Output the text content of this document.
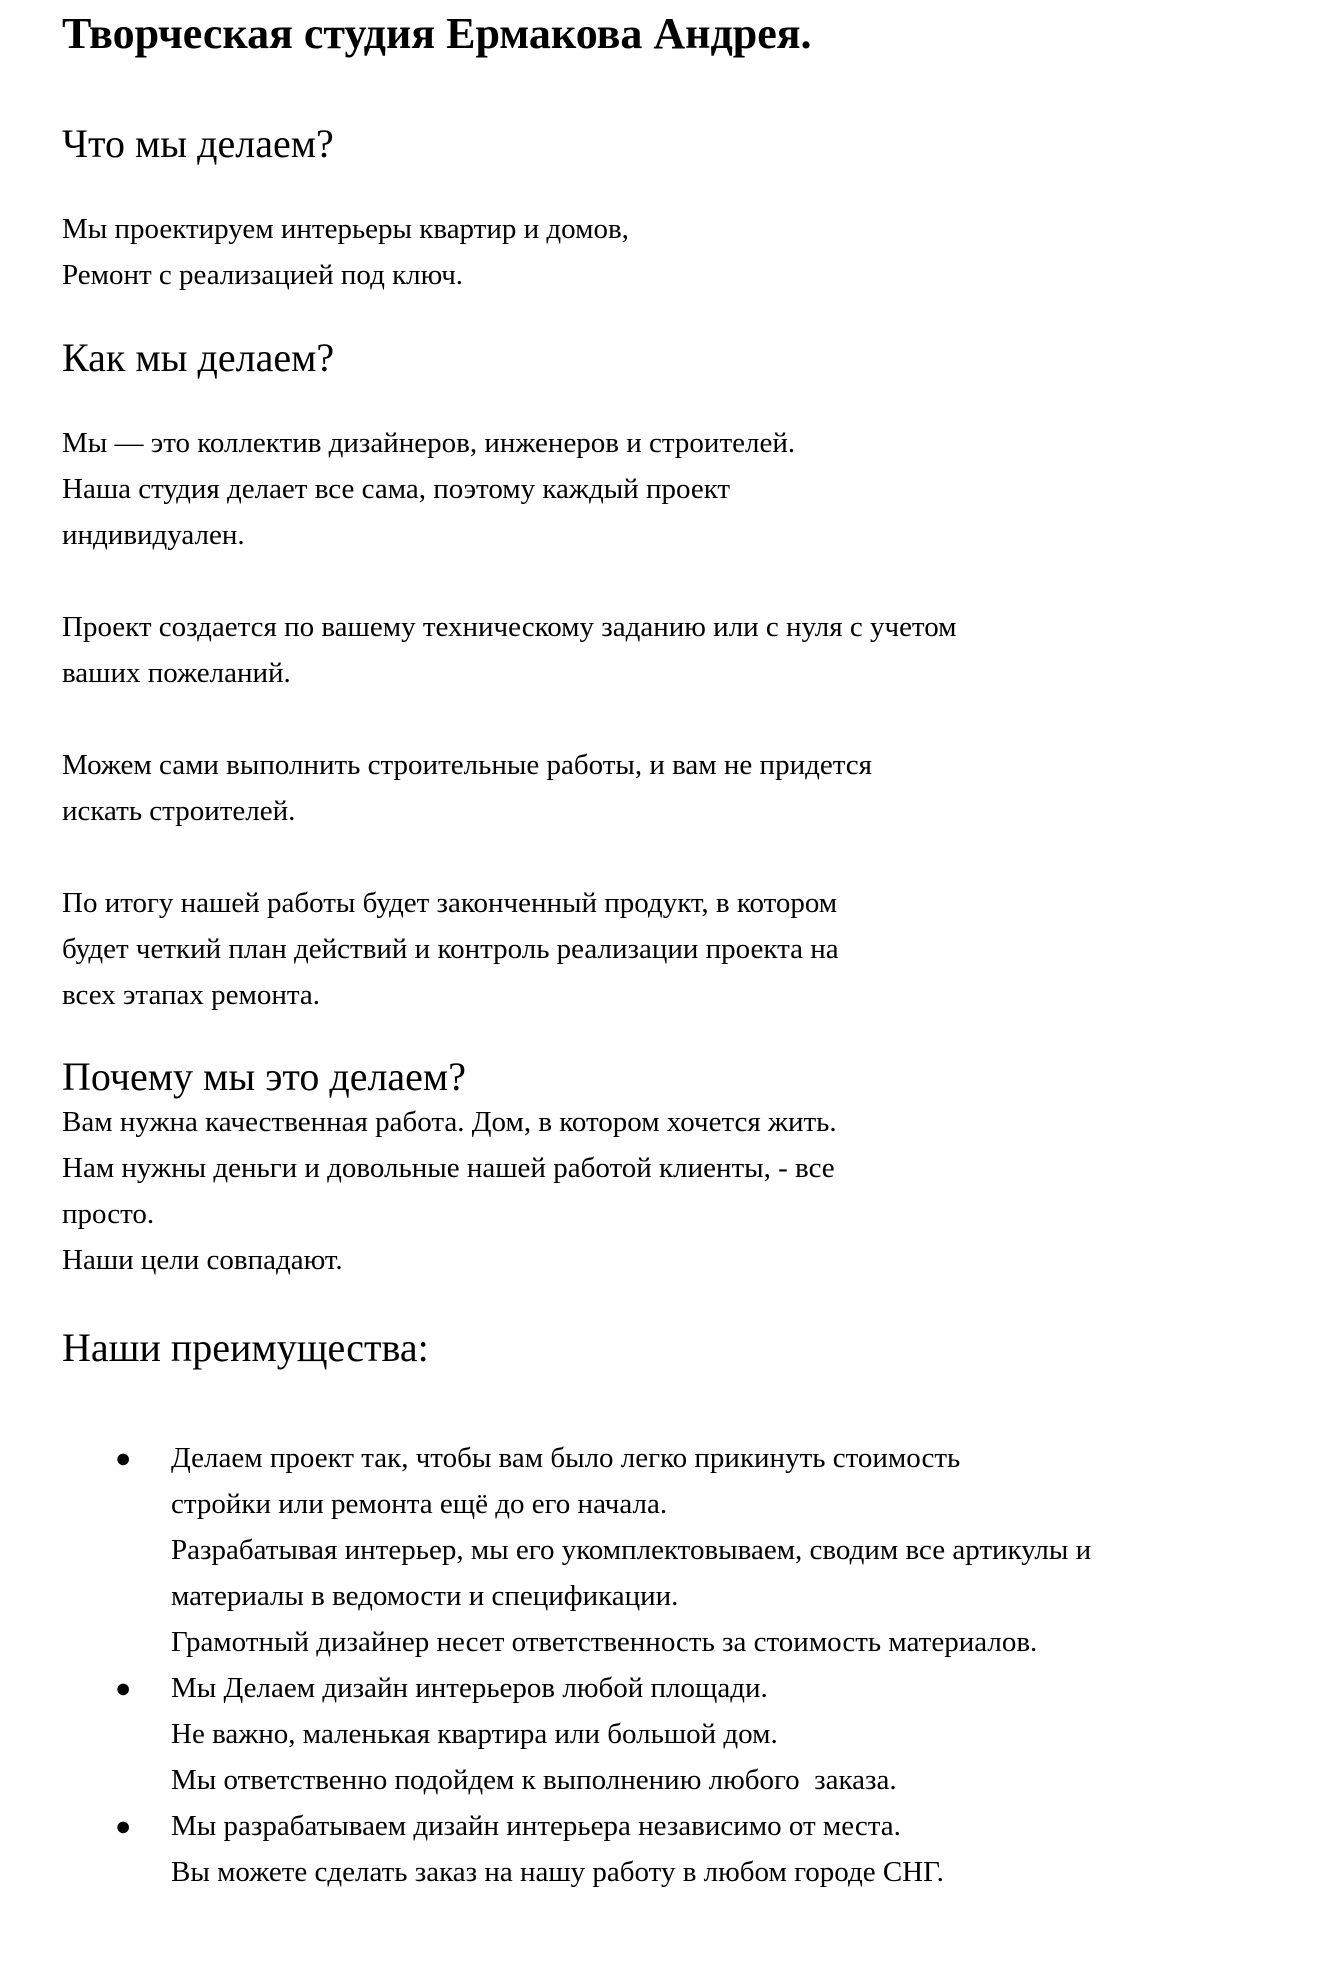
Творческая студия Ермакова Андрея.
Что мы делаем?
Мы проектируем интерьеры квартир и домов,
Ремонт с реализацией под ключ.
Как мы делаем?
Мы — это коллектив дизайнеров, инженеров и строителей.
Наша студия делает все сама, поэтому каждый проект
индивидуален.
Проект создается по вашему техническому заданию или с нуля с учетом
ваших пожеланий.
Можем сами выполнить строительные работы, и вам не придется
искать строителей.
По итогу нашей работы будет законченный продукт, в котором
будет четкий план действий и контроль реализации проекта на
всех этапах ремонта.
Почему мы это делаем?
Вам нужна качественная работа. Дом, в котором хочется жить.
Нам нужны деньги и довольные нашей работой клиенты, - все
просто.
Наши цели совпадают.
Наши преимущества:
● Делаем проект так, чтобы вам было легко прикинуть стоимость
стройки или ремонта ещё до его начала.
Разрабатывая интерьер, мы его укомплектовываем, сводим все артикулы и
материалы в ведомости и спецификации.
Грамотный дизайнер несет ответственность за стоимость материалов.
● Мы Делаем дизайн интерьеров любой площади.
Не важно, маленькая квартира или большой дом.
Мы ответственно подойдем к выполнению любого  заказа.
● Мы разрабатываем дизайн интерьера независимо от места.
Вы можете сделать заказ на нашу работу в любом городе СНГ.
